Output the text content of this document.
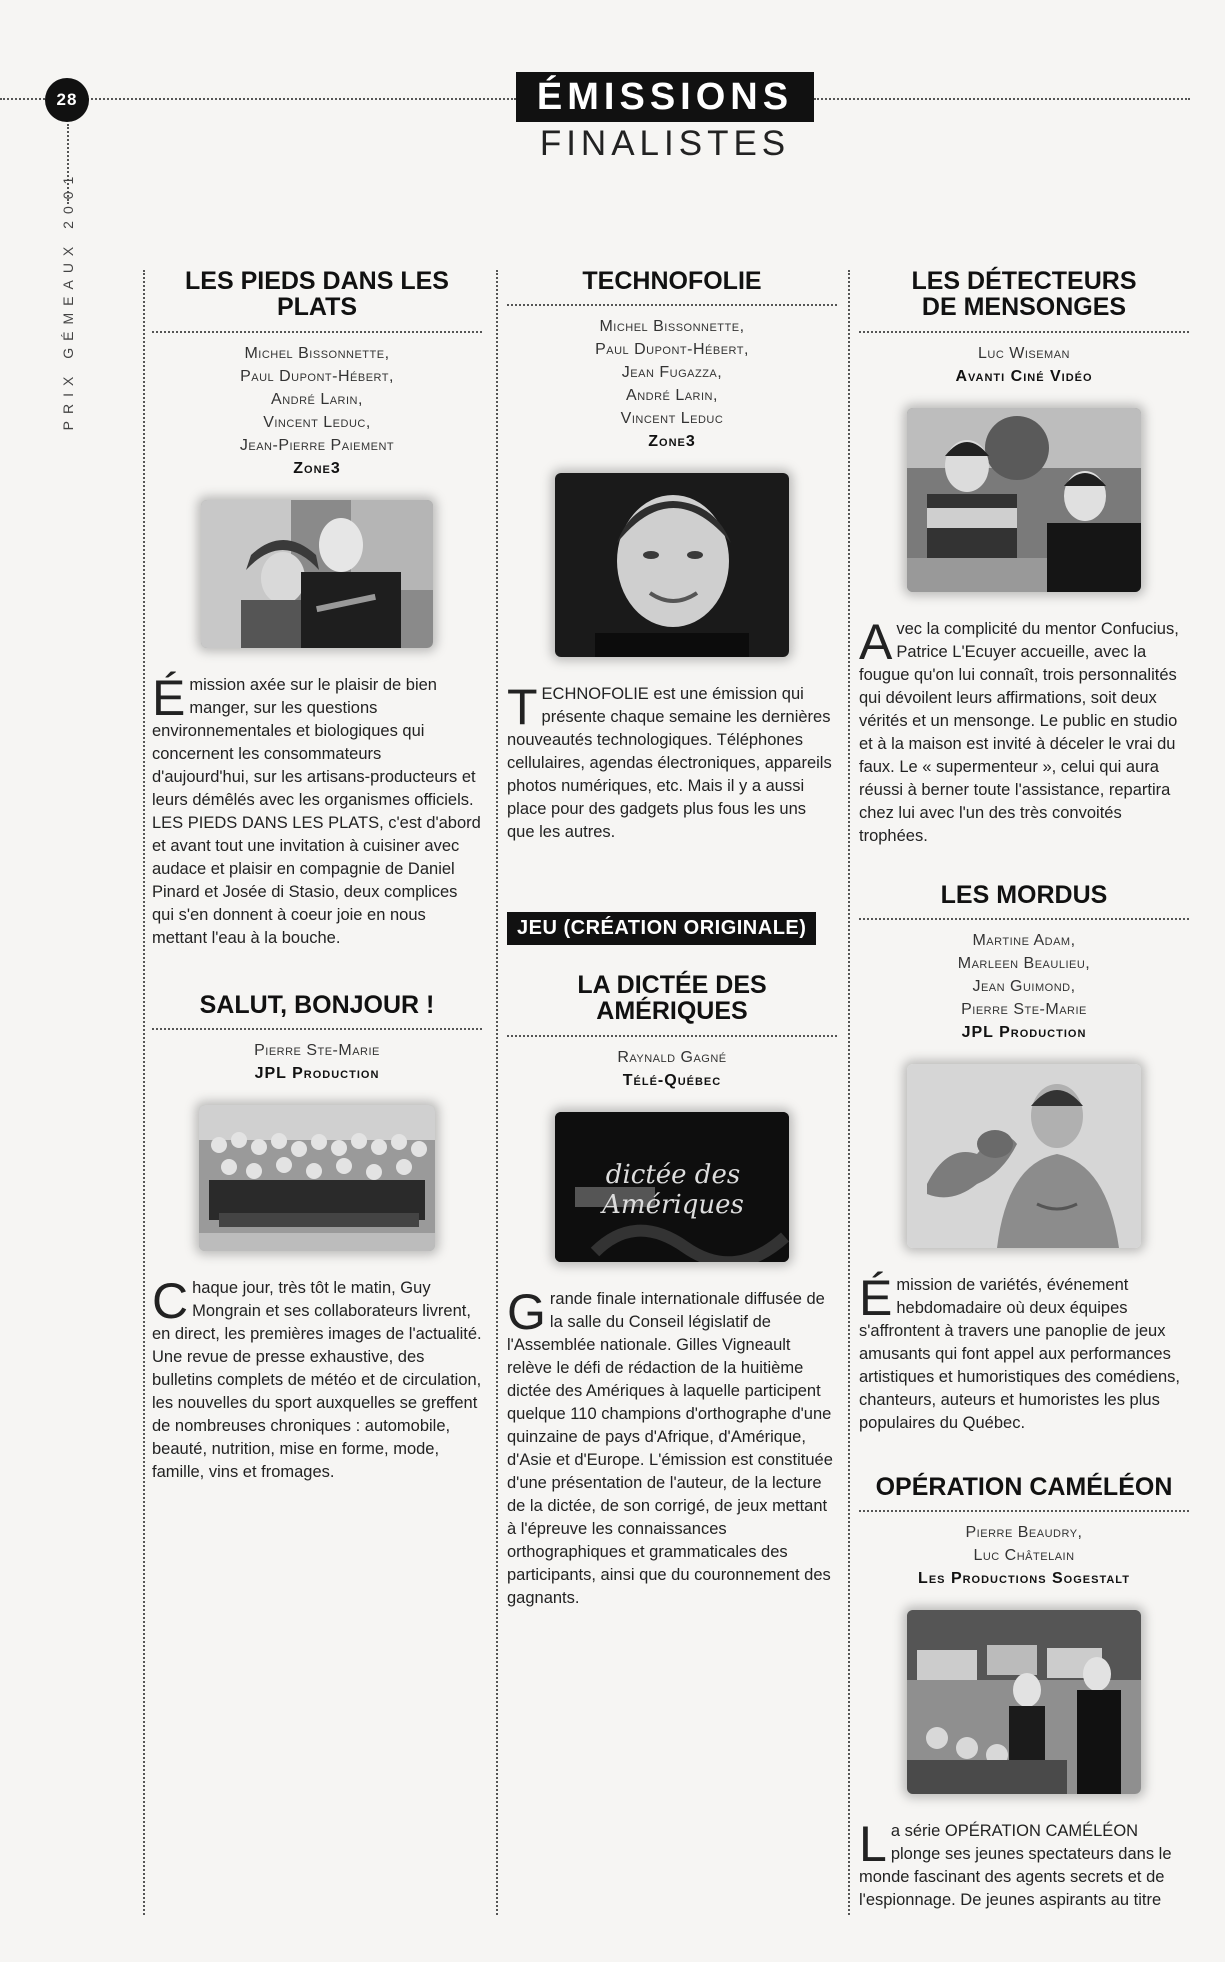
28
PRIX GÉMEAUX 2001
ÉMISSIONS
FINALISTES
LES PIEDS DANS LES PLATS
Michel Bissonnette,
Paul Dupont-Hébert,
André Larin,
Vincent Leduc,
Jean-Pierre Paiement
Zone3

Émission axée sur le plaisir de bien manger, sur les questions environnementales et biologiques qui concernent les consommateurs d'aujourd'hui, sur les artisans-producteurs et leurs démêlés avec les organismes officiels. LES PIEDS DANS LES PLATS, c'est d'abord et avant tout une invitation à cuisiner avec audace et plaisir en compagnie de Daniel Pinard et Josée di Stasio, deux complices qui s'en donnent à coeur joie en nous mettant l'eau à la bouche.

SALUT, BONJOUR !
Pierre Ste-Marie
JPL Production

Chaque jour, très tôt le matin, Guy Mongrain et ses collaborateurs livrent, en direct, les premières images de l'actualité. Une revue de presse exhaustive, des bulletins complets de météo et de circulation, les nouvelles du sport auxquelles se greffent de nombreuses chroniques : automobile, beauté, nutrition, mise en forme, mode, famille, vins et fromages.

TECHNOFOLIE
Michel Bissonnette,
Paul Dupont-Hébert,
Jean Fugazza,
André Larin,
Vincent Leduc
Zone3

TECHNOFOLIE est une émission qui présente chaque semaine les dernières nouveautés technologiques. Téléphones cellulaires, agendas électroniques, appareils photos numériques, etc. Mais il y a aussi place pour des gadgets plus fous les uns que les autres.

JEU (CRÉATION ORIGINALE)
LA DICTÉE DES AMÉRIQUES
Raynald Gagné
Télé-Québec
dictée des Amériques

Grande finale internationale diffusée de la salle du Conseil législatif de l'Assemblée nationale. Gilles Vigneault relève le défi de rédaction de la huitième dictée des Amériques à laquelle participent quelque 110 champions d'orthographe d'une quinzaine de pays d'Afrique, d'Amérique, d'Asie et d'Europe. L'émission est constituée d'une présentation de l'auteur, de la lecture de la dictée, de son corrigé, de jeux mettant à l'épreuve les connaissances orthographiques et grammaticales des participants, ainsi que du couronnement des gagnants.

LES DÉTECTEURS DE MENSONGES
Luc Wiseman
Avanti Ciné Vidéo

Avec la complicité du mentor Confucius, Patrice L'Ecuyer accueille, avec la fougue qu'on lui connaît, trois personnalités qui dévoilent leurs affirmations, soit deux vérités et un mensonge. Le public en studio et à la maison est invité à déceler le vrai du faux. Le « supermenteur », celui qui aura réussi à berner toute l'assistance, repartira chez lui avec l'un des très convoités trophées.

LES MORDUS
Martine Adam,
Marleen Beaulieu,
Jean Guimond,
Pierre Ste-Marie
JPL Production

Émission de variétés, événement hebdomadaire où deux équipes s'affrontent à travers une panoplie de jeux amusants qui font appel aux performances artistiques et humoristiques des comédiens, chanteurs, auteurs et humoristes les plus populaires du Québec.

OPÉRATION CAMÉLÉON
Pierre Beaudry,
Luc Châtelain
Les Productions Sogestalt

La série OPÉRATION CAMÉLÉON plonge ses jeunes spectateurs dans le monde fascinant des agents secrets et de l'espionnage. De jeunes aspirants au titre
